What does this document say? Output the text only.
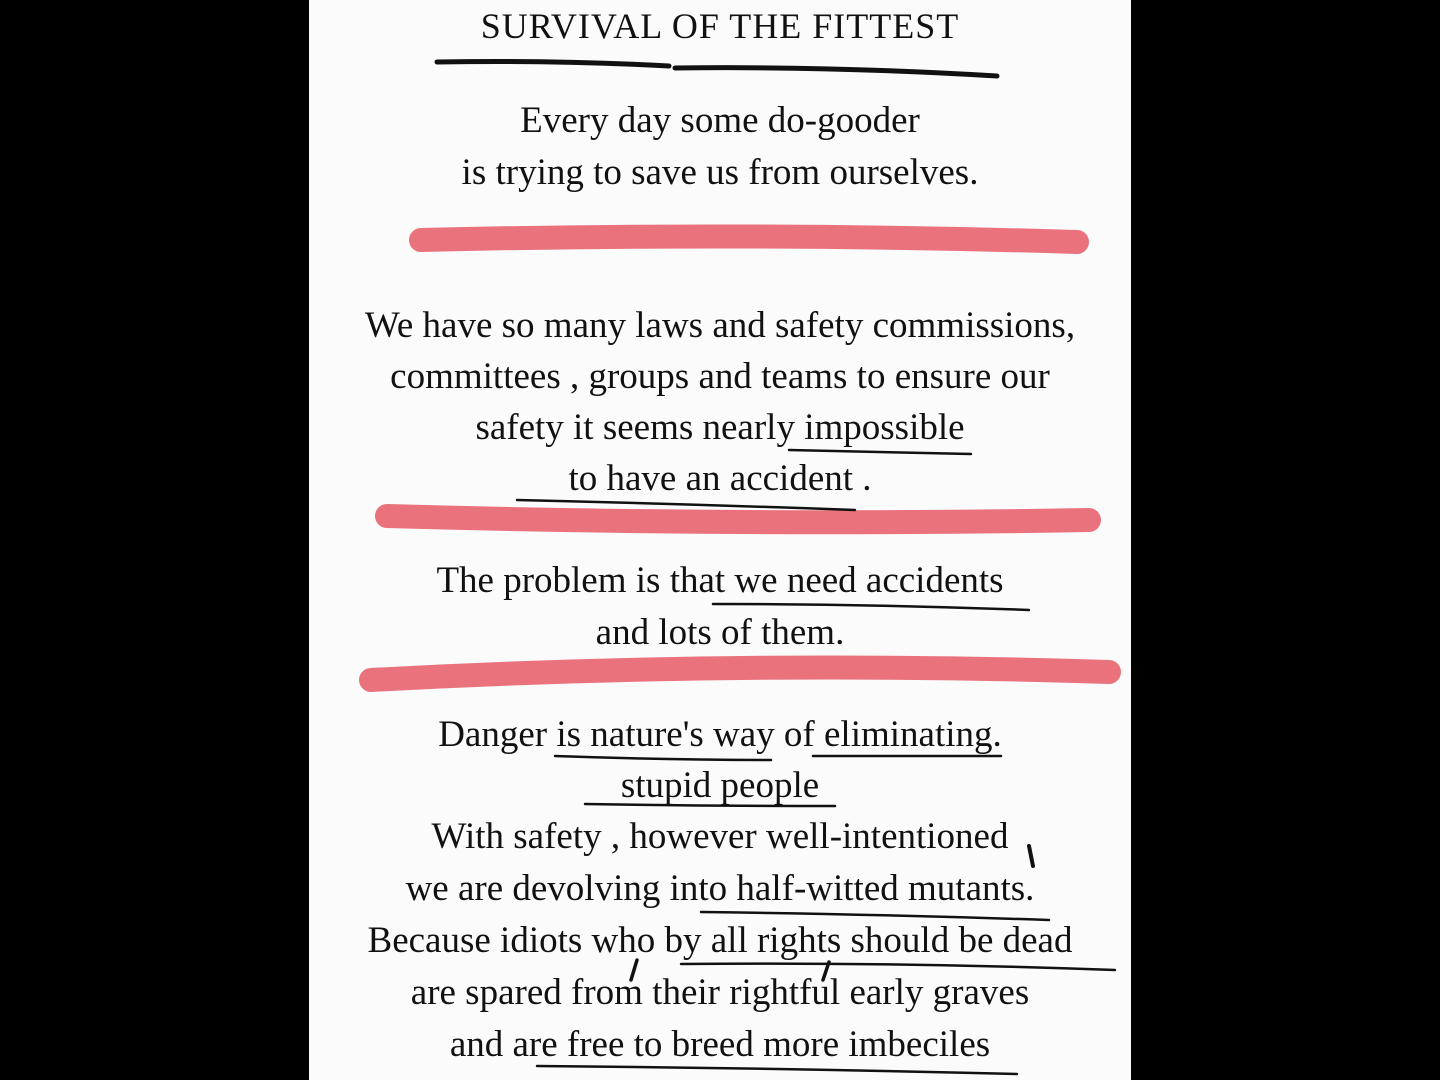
SURVIVAL OF THE FITTEST
Every day some do-gooder
is trying to save us from ourselves.
We have so many laws and safety commissions,
committees , groups and teams to ensure our
safety it seems nearly impossible
to have an accident .
The problem is that we need accidents
and lots of them.
Danger is nature's way of eliminating.
stupid people
With safety , however well-intentioned
we are devolving into half-witted mutants.
Because idiots who by all rights should be dead
are spared from their rightful early graves
and are free to breed more imbeciles
